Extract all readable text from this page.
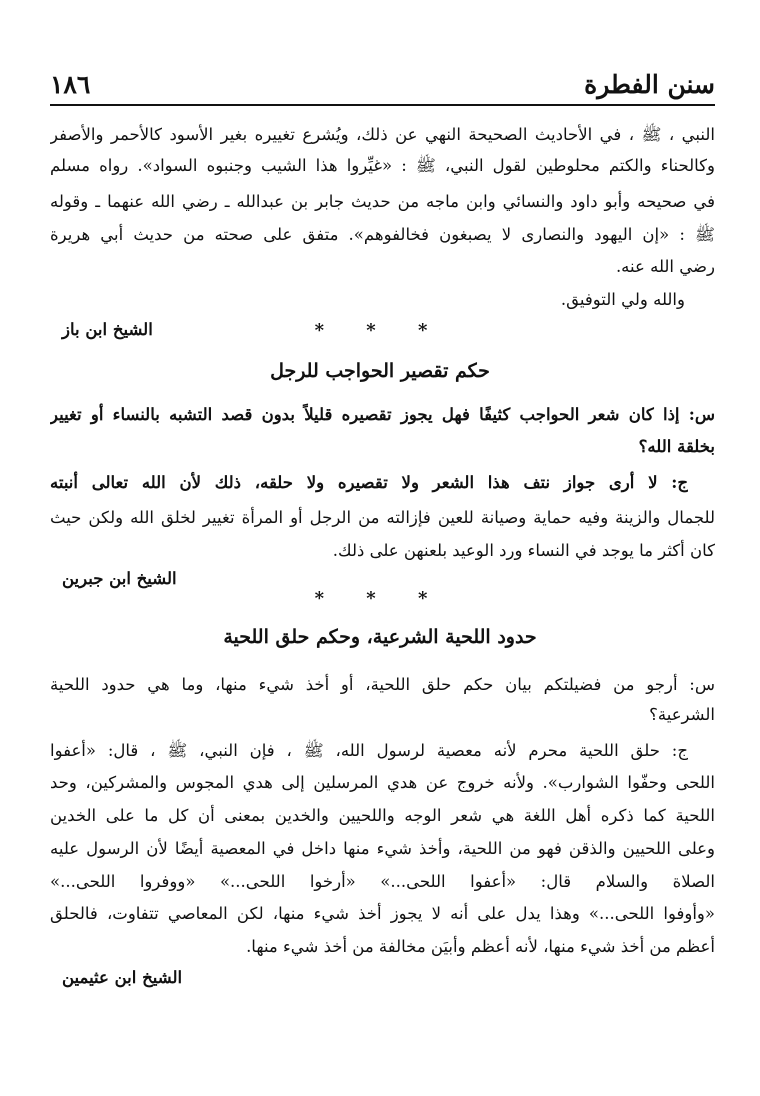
سنن الفطرة
١٨٦
النبي ، ﷺ ، في الأحاديث الصحيحة النهي عن ذلك، ويُشرع تغييره بغير الأسود كالأحمر والأصفر
وكالحناء والكتم محلوطين لقول النبي، ﷺ : «غيِّروا هذا الشيب وجنبوه السواد». رواه مسلم
في صحيحه وأبو داود والنسائي وابن ماجه من حديث جابر بن عبدالله ـ رضي الله عنهما ـ وقوله
ﷺ : «إن اليهود والنصارى لا يصبغون فخالفوهم». متفق على صحته من حديث أبي هريرة
رضي الله عنه.
والله ولي التوفيق.
الشيخ ابن باز	* * *
حكم تقصير الحواجب للرجل
س: إذا كان شعر الحواجب كثيفًا فهل يجوز تقصيره قليلاً بدون قصد التشبه بالنساء أو تغيير
بخلقة الله؟
ج: لا أرى جواز نتف هذا الشعر ولا تقصيره ولا حلقه، ذلك لأن الله تعالى أنبته
للجمال والزينة وفيه حماية وصيانة للعين فإزالته من الرجل أو المرأة تغيير لخلق الله ولكن حيث
كان أكثر ما يوجد في النساء ورد الوعيد بلعنهن على ذلك.
الشيخ ابن جبرين
* * *
حدود اللحية الشرعية، وحكم حلق اللحية
س: أرجو من فضيلتكم بيان حكم حلق اللحية، أو أخذ شيء منها، وما هي حدود اللحية
الشرعية؟
ج: حلق اللحية محرم لأنه معصية لرسول الله، ﷺ ، فإن النبي، ﷺ ، قال: «أعفوا
اللحى وحفّوا الشوارب». ولأنه خروج عن هدي المرسلين إلى هدي المجوس والمشركين، وحد
اللحية كما ذكره أهل اللغة هي شعر الوجه واللحيين والخدين بمعنى أن كل ما على الخدين
وعلى اللحيين والذقن فهو من اللحية، وأخذ شيء منها داخل في المعصية أيضًا لأن الرسول عليه
الصلاة والسلام قال: «أعفوا اللحى...» «أرخوا اللحى...» «ووفروا اللحى...»
«وأوفوا اللحى...» وهذا يدل على أنه لا يجوز أخذ شيء منها، لكن المعاصي تتفاوت، فالحلق
أعظم من أخذ شيء منها، لأنه أعظم وأبيَن مخالفة من أخذ شيء منها.
الشيخ ابن عثيمين
